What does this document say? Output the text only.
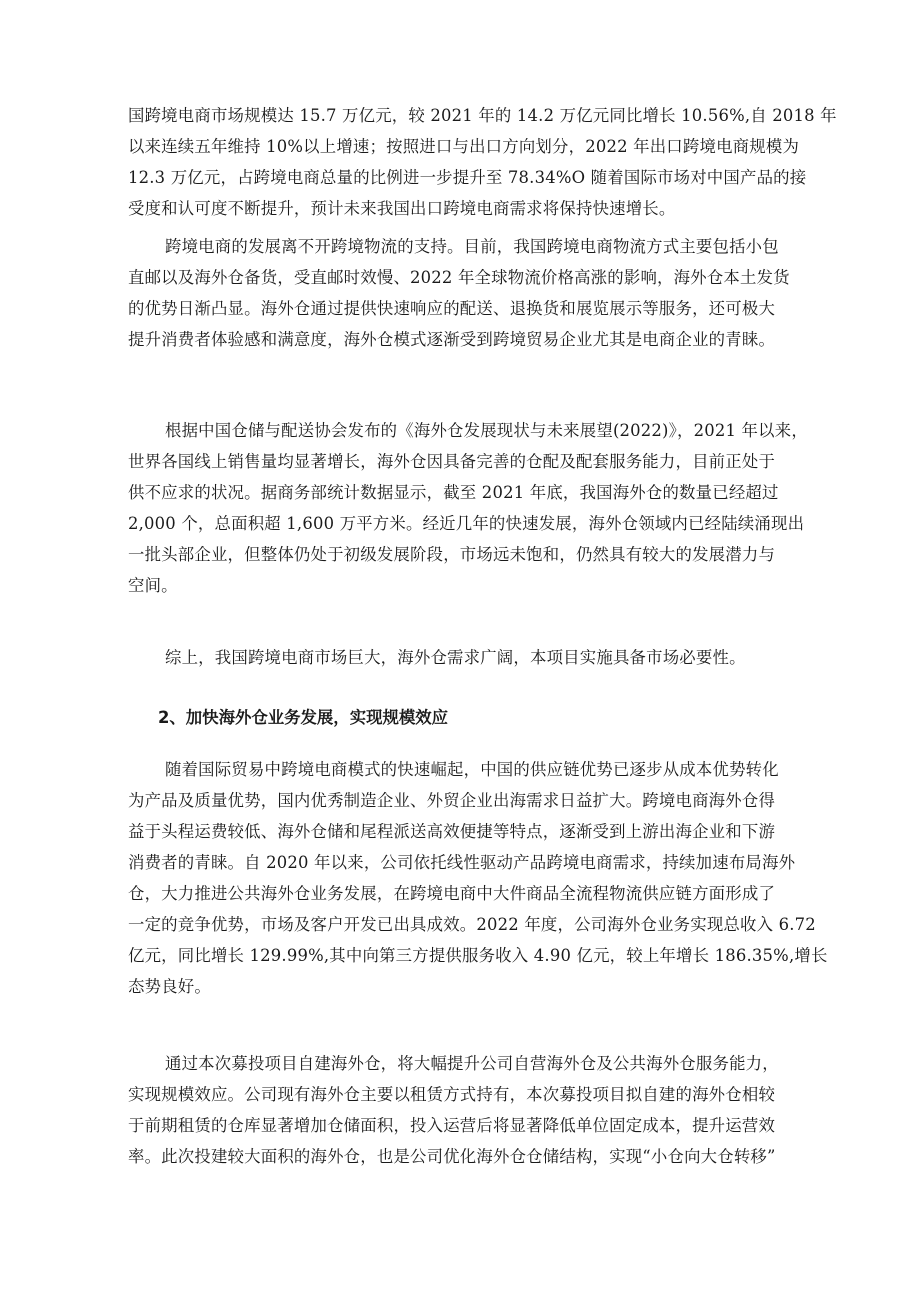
国跨境电商市场规模达 15.7 万亿元，较 2021 年的 14.2 万亿元同比增长 10.56%,自 2018 年
以来连续五年维持 10%以上增速；按照进口与出口方向划分，2022 年出口跨境电商规模为
12.3 万亿元，占跨境电商总量的比例进一步提升至 78.34%O 随着国际市场对中国产品的接
受度和认可度不断提升，预计未来我国出口跨境电商需求将保持快速增长。
跨境电商的发展离不开跨境物流的支持。目前，我国跨境电商物流方式主要包括小包
直邮以及海外仓备货，受直邮时效慢、2022 年全球物流价格高涨的影响，海外仓本土发货
的优势日渐凸显。海外仓通过提供快速响应的配送、退换货和展览展示等服务，还可极大
提升消费者体验感和满意度，海外仓模式逐渐受到跨境贸易企业尤其是电商企业的青睐。
根据中国仓储与配送协会发布的《海外仓发展现状与未来展望(2022)》，2021 年以来，
世界各国线上销售量均显著增长，海外仓因具备完善的仓配及配套服务能力，目前正处于
供不应求的状况。据商务部统计数据显示，截至 2021 年底，我国海外仓的数量已经超过
2,000 个，总面积超 1,600 万平方米。经近几年的快速发展，海外仓领域内已经陆续涌现出
一批头部企业，但整体仍处于初级发展阶段，市场远未饱和，仍然具有较大的发展潜力与
空间。
综上，我国跨境电商市场巨大，海外仓需求广阔，本项目实施具备市场必要性。
2、加快海外仓业务发展，实现规模效应
随着国际贸易中跨境电商模式的快速崛起，中国的供应链优势已逐步从成本优势转化
为产品及质量优势，国内优秀制造企业、外贸企业出海需求日益扩大。跨境电商海外仓得
益于头程运费较低、海外仓储和尾程派送高效便捷等特点，逐渐受到上游出海企业和下游
消费者的青睐。自 2020 年以来，公司依托线性驱动产品跨境电商需求，持续加速布局海外
仓，大力推进公共海外仓业务发展，在跨境电商中大件商品全流程物流供应链方面形成了
一定的竞争优势，市场及客户开发已出具成效。2022 年度，公司海外仓业务实现总收入 6.72
亿元，同比增长 129.99%,其中向第三方提供服务收入 4.90 亿元，较上年增长 186.35%,增长
态势良好。
通过本次募投项目自建海外仓，将大幅提升公司自营海外仓及公共海外仓服务能力，
实现规模效应。公司现有海外仓主要以租赁方式持有，本次募投项目拟自建的海外仓相较
于前期租赁的仓库显著增加仓储面积，投入运营后将显著降低单位固定成本，提升运营效
率。此次投建较大面积的海外仓，也是公司优化海外仓仓储结构，实现“小仓向大仓转移”
